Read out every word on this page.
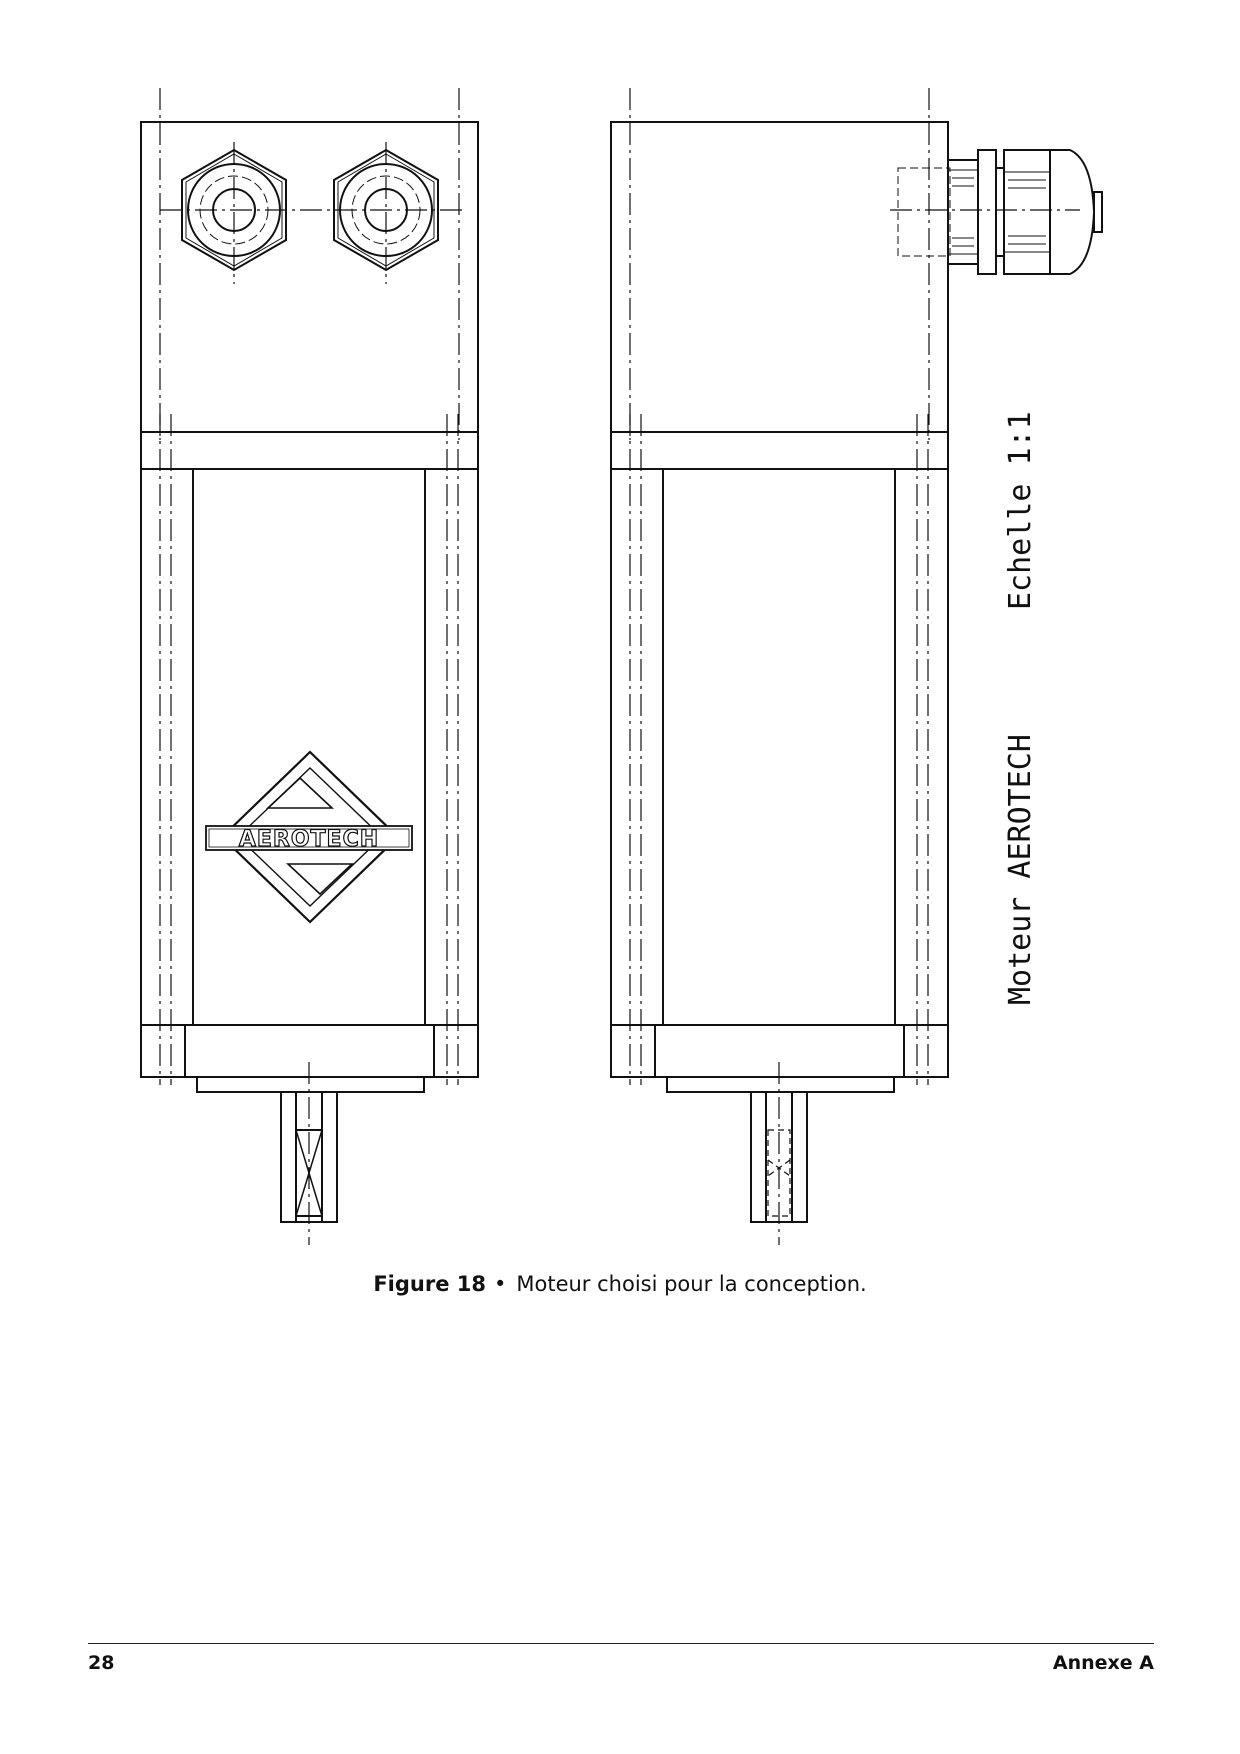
AEROTECH	Moteur AEROTECH
Echelle 1:1
Figure 18 • Moteur choisi pour la conception.
28	Annexe A
